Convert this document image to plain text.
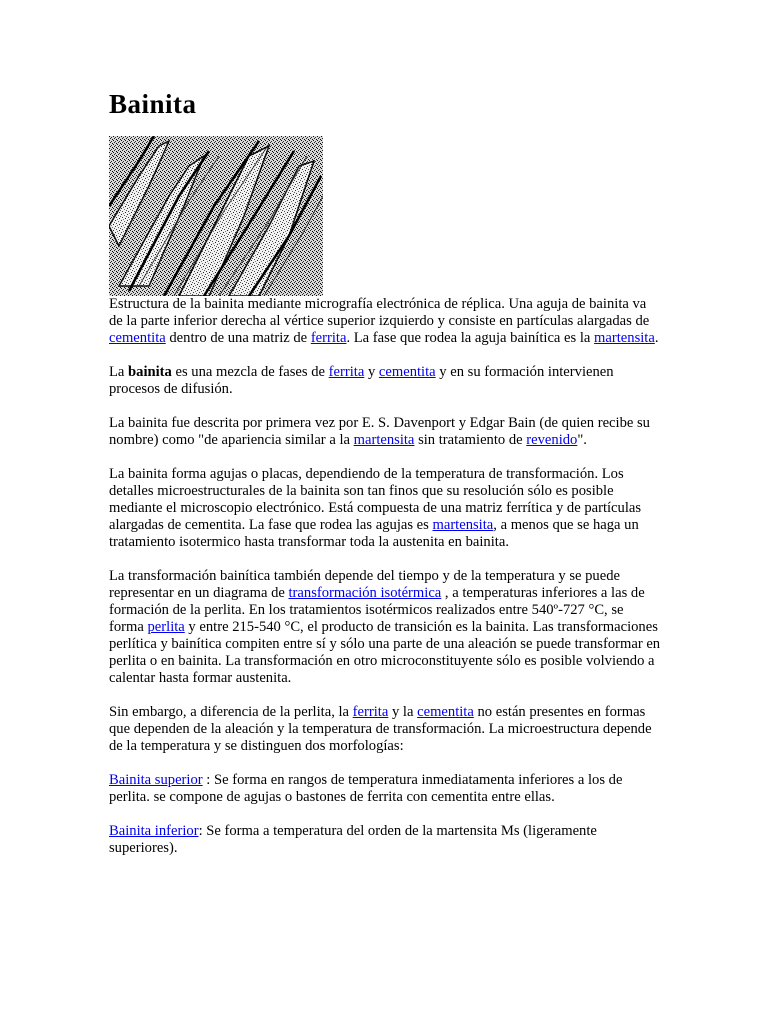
Bainita

Estructura de la bainita mediante micrografía electrónica de réplica. Una aguja de bainita va de la parte inferior derecha al vértice superior izquierdo y consiste en partículas alargadas de cementita dentro de una matriz de ferrita. La fase que rodea la aguja bainítica es la martensita.

La bainita es una mezcla de fases de ferrita y cementita y en su formación intervienen procesos de difusión.

La bainita fue descrita por primera vez por E. S. Davenport y Edgar Bain (de quien recibe su nombre) como "de apariencia similar a la martensita sin tratamiento de revenido".

La bainita forma agujas o placas, dependiendo de la temperatura de transformación. Los detalles microestructurales de la bainita son tan finos que su resolución sólo es posible mediante el microscopio electrónico. Está compuesta de una matriz ferrítica y de partículas alargadas de cementita. La fase que rodea las agujas es martensita, a menos que se haga un tratamiento isotermico hasta transformar toda la austenita en bainita.

La transformación bainítica también depende del tiempo y de la temperatura y se puede representar en un diagrama de transformación isotérmica , a temperaturas inferiores a las de formación de la perlita. En los tratamientos isotérmicos realizados entre 540º-727 °C, se forma perlita y entre 215-540 °C, el producto de transición es la bainita. Las transformaciones perlítica y bainítica compiten entre sí y sólo una parte de una aleación se puede transformar en perlita o en bainita. La transformación en otro microconstituyente sólo es posible volviendo a calentar hasta formar austenita.

Sin embargo, a diferencia de la perlita, la ferrita y la cementita no están presentes en formas que dependen de la aleación y la temperatura de transformación. La microestructura depende de la temperatura y se distinguen dos morfologías:

Bainita superior : Se forma en rangos de temperatura inmediatamenta inferiores a los de perlita. se compone de agujas o bastones de ferrita con cementita entre ellas.

Bainita inferior: Se forma a temperatura del orden de la martensita Ms (ligeramente superiores).
